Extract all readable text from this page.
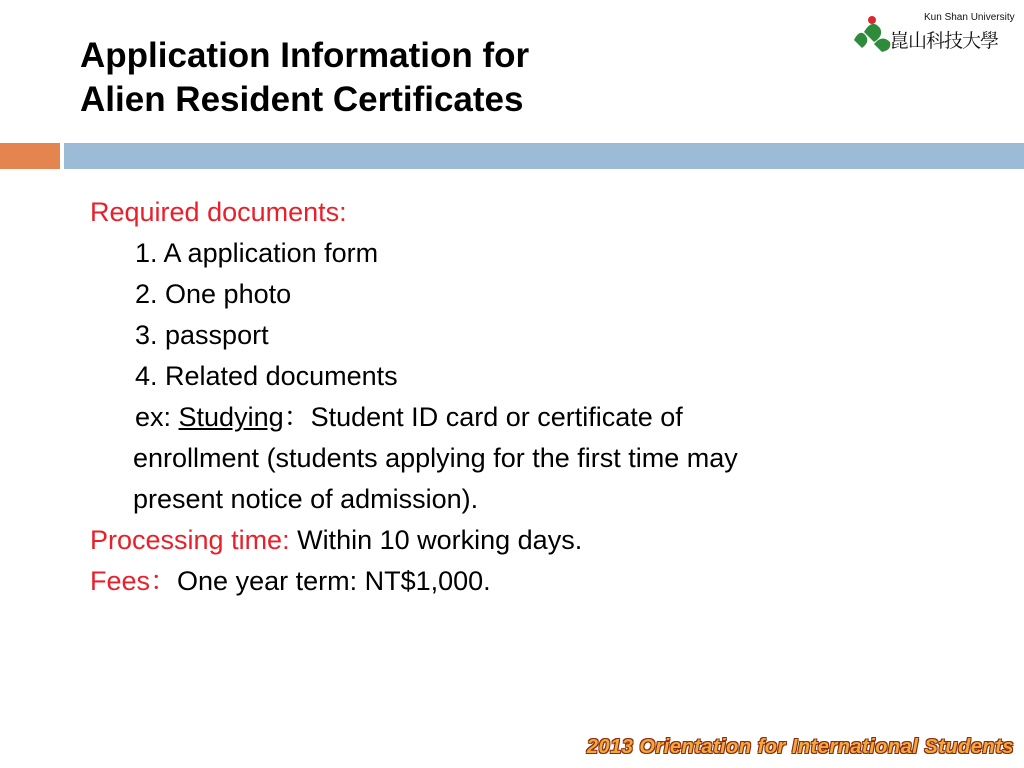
Application Information for
Alien Resident Certificates
Kun Shan University
崑山科技大學
Required documents:
1. A application form
2. One photo
3. passport
4. Related documents
ex: Studying：Student ID card or certificate of
enrollment (students applying for the first time may
present notice of admission).
Processing time: Within 10 working days.
Fees：One year term: NT$1,000.
2013 Orientation for International Students
